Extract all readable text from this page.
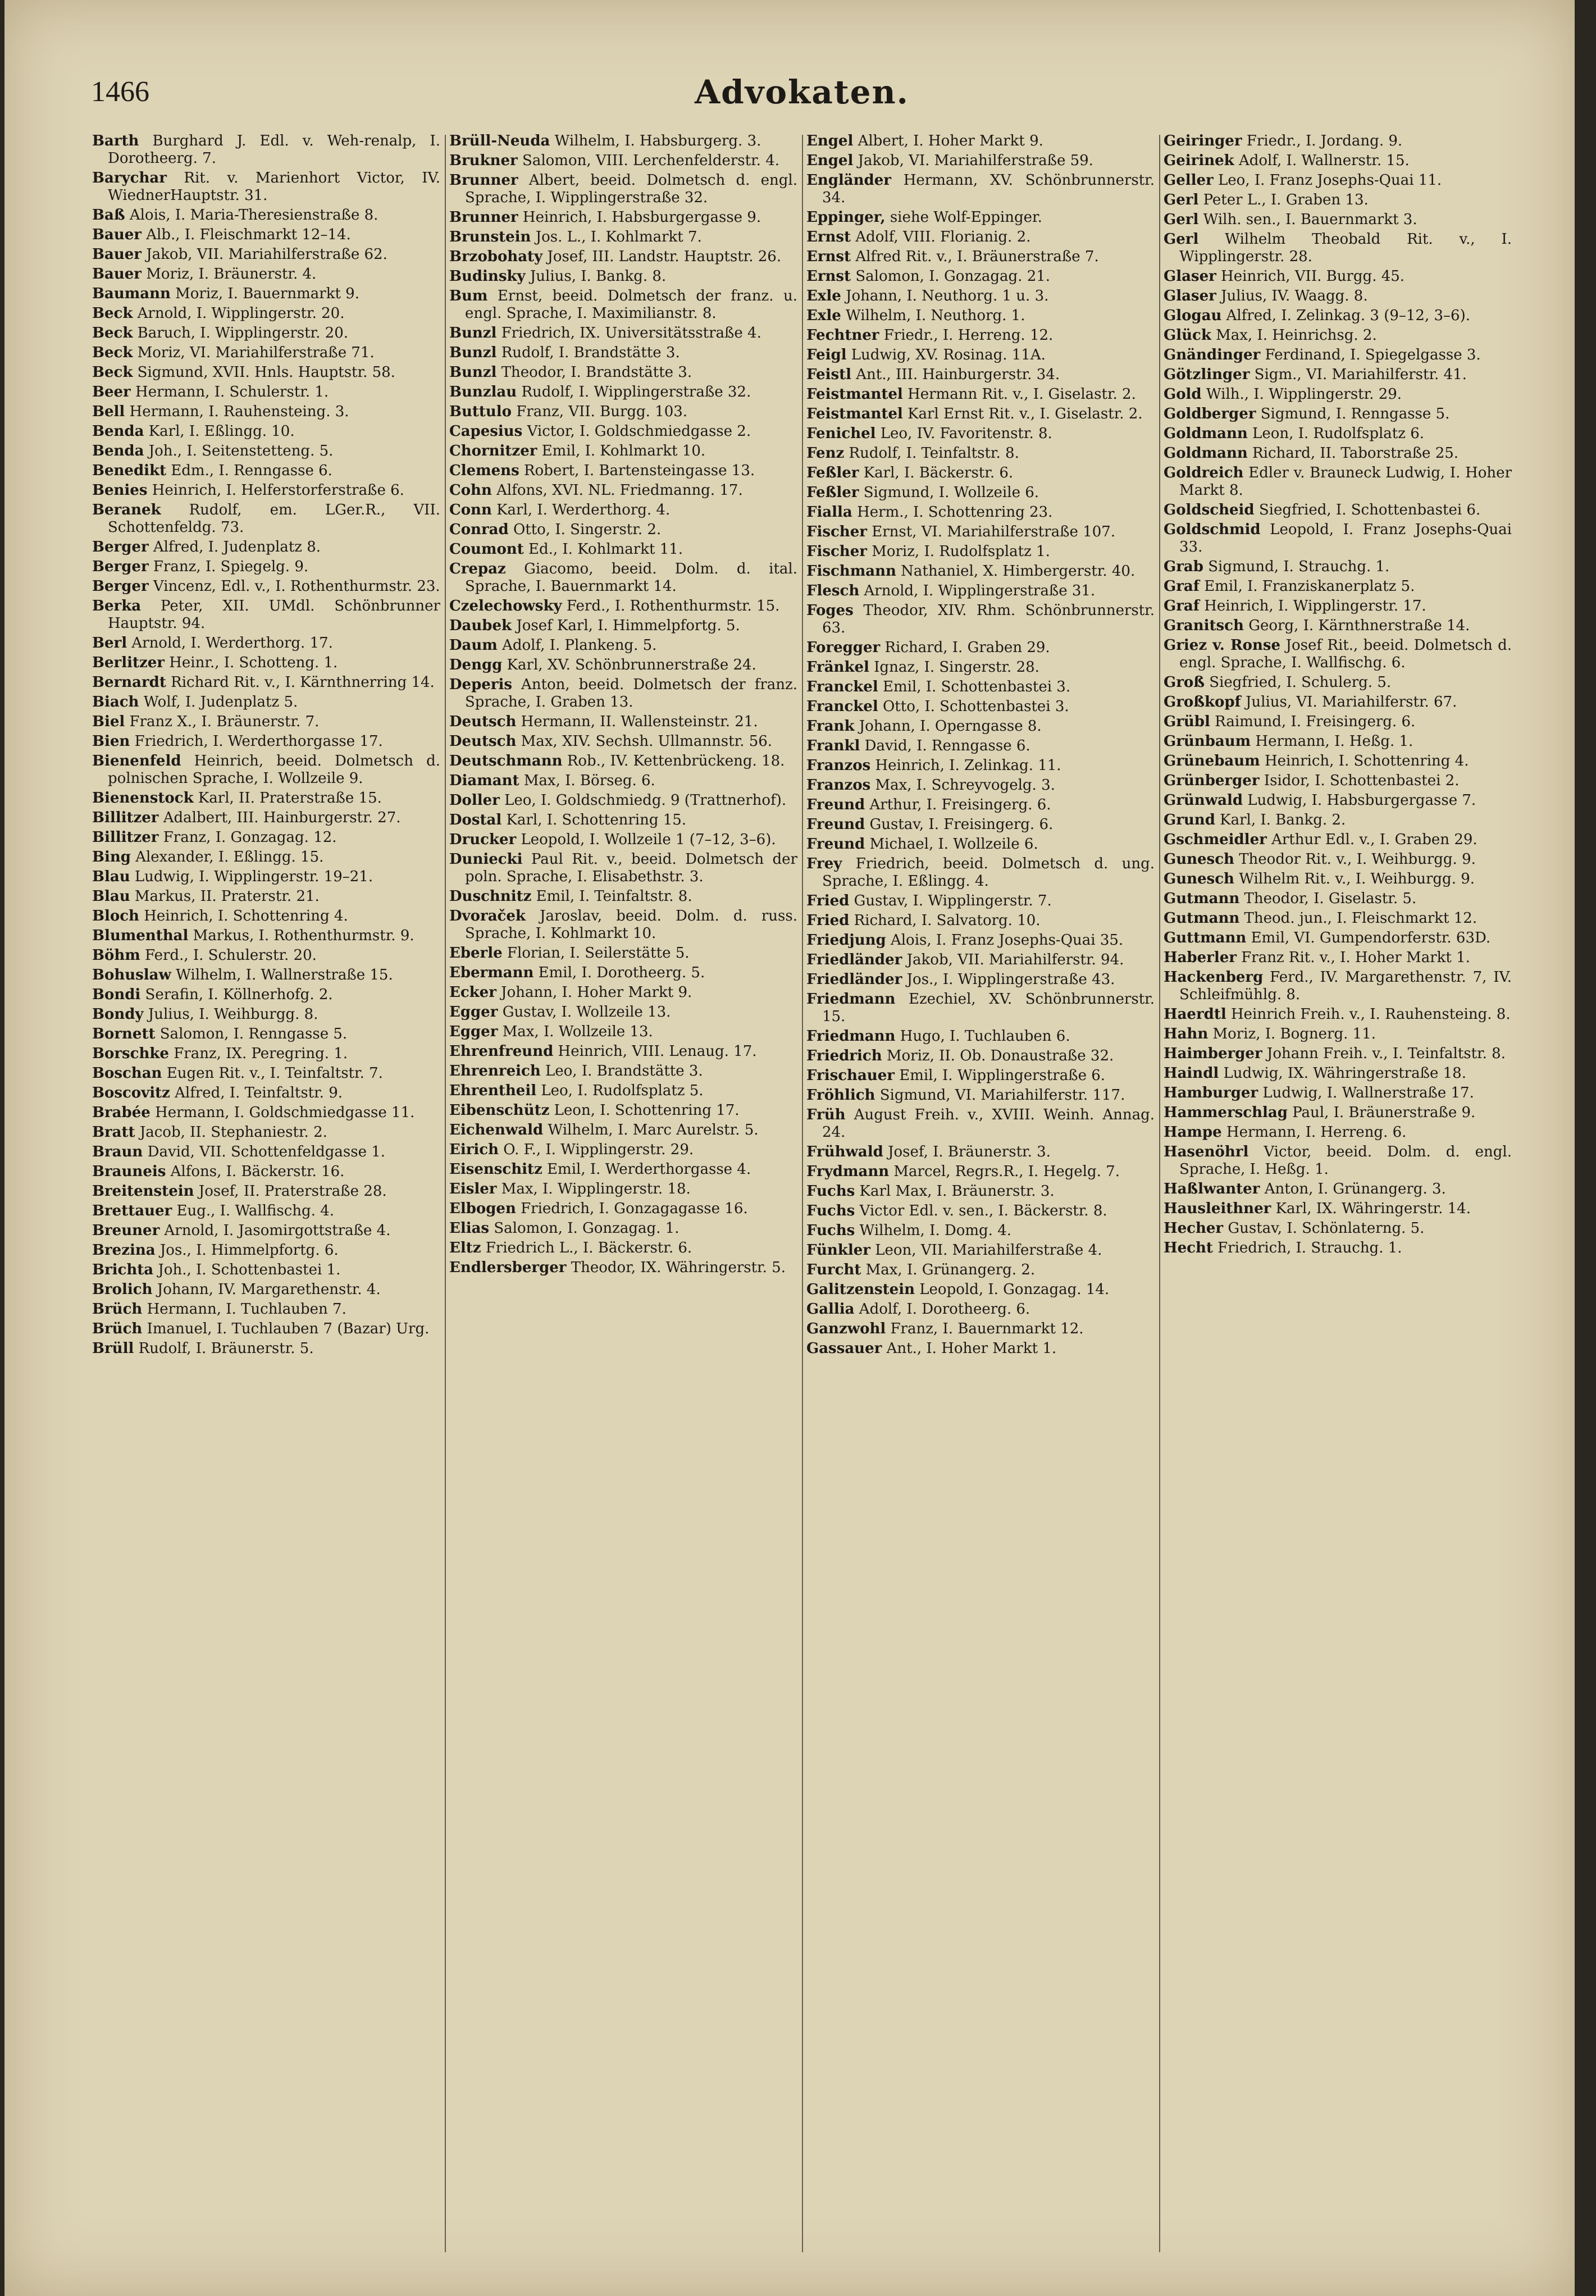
1466	Advokaten.

Barth Burghard J. Edl. v. Weh-renalp, I. Dorotheerg. 7.

Barychar Rit. v. Marienhort Victor, IV. WiednerHauptstr. 31.

Baß Alois, I. Maria-Theresienstraße 8.

Bauer Alb., I. Fleischmarkt 12–14.

Bauer Jakob, VII. Mariahilferstraße 62.

Bauer Moriz, I. Bräunerstr. 4.

Baumann Moriz, I. Bauernmarkt 9.

Beck Arnold, I. Wipplingerstr. 20.

Beck Baruch, I. Wipplingerstr. 20.

Beck Moriz, VI. Mariahilferstraße 71.

Beck Sigmund, XVII. Hnls. Hauptstr. 58.

Beer Hermann, I. Schulerstr. 1.

Bell Hermann, I. Rauhensteing. 3.

Benda Karl, I. Eßlingg. 10.

Benda Joh., I. Seitenstetteng. 5.

Benedikt Edm., I. Renngasse 6.

Benies Heinrich, I. Helferstorferstraße 6.

Beranek Rudolf, em. LGer.R., VII. Schottenfeldg. 73.

Berger Alfred, I. Judenplatz 8.

Berger Franz, I. Spiegelg. 9.

Berger Vincenz, Edl. v., I. Rothenthurmstr. 23.

Berka Peter, XII. UMdl. Schönbrunner Hauptstr. 94.

Berl Arnold, I. Werderthorg. 17.

Berlitzer Heinr., I. Schotteng. 1.

Bernardt Richard Rit. v., I. Kärnthnerring 14.

Biach Wolf, I. Judenplatz 5.

Biel Franz X., I. Bräunerstr. 7.

Bien Friedrich, I. Werderthorgasse 17.

Bienenfeld Heinrich, beeid. Dolmetsch d. polnischen Sprache, I. Wollzeile 9.

Bienenstock Karl, II. Praterstraße 15.

Billitzer Adalbert, III. Hainburgerstr. 27.

Billitzer Franz, I. Gonzagag. 12.

Bing Alexander, I. Eßlingg. 15.

Blau Ludwig, I. Wipplingerstr. 19–21.

Blau Markus, II. Praterstr. 21.

Bloch Heinrich, I. Schottenring 4.

Blumenthal Markus, I. Rothenthurmstr. 9.

Böhm Ferd., I. Schulerstr. 20.

Bohuslaw Wilhelm, I. Wallnerstraße 15.

Bondi Serafin, I. Köllnerhofg. 2.

Bondy Julius, I. Weihburgg. 8.

Bornett Salomon, I. Renngasse 5.

Borschke Franz, IX. Peregring. 1.

Boschan Eugen Rit. v., I. Teinfaltstr. 7.

Boscovitz Alfred, I. Teinfaltstr. 9.

Brabée Hermann, I. Goldschmiedgasse 11.

Bratt Jacob, II. Stephaniestr. 2.

Braun David, VII. Schottenfeldgasse 1.

Brauneis Alfons, I. Bäckerstr. 16.

Breitenstein Josef, II. Praterstraße 28.

Brettauer Eug., I. Wallfischg. 4.

Breuner Arnold, I. Jasomirgottstraße 4.

Brezina Jos., I. Himmelpfortg. 6.

Brichta Joh., I. Schottenbastei 1.

Brolich Johann, IV. Margarethenstr. 4.

Brüch Hermann, I. Tuchlauben 7.

Brüch Imanuel, I. Tuchlauben 7 (Bazar) Urg.

Brüll Rudolf, I. Bräunerstr. 5.

Brüll-Neuda Wilhelm, I. Habsburgerg. 3.

Brukner Salomon, VIII. Lerchenfelderstr. 4.

Brunner Albert, beeid. Dolmetsch d. engl. Sprache, I. Wipplingerstraße 32.

Brunner Heinrich, I. Habsburgergasse 9.

Brunstein Jos. L., I. Kohlmarkt 7.

Brzobohaty Josef, III. Landstr. Hauptstr. 26.

Budinsky Julius, I. Bankg. 8.

Bum Ernst, beeid. Dolmetsch der franz. u. engl. Sprache, I. Maximilianstr. 8.

Bunzl Friedrich, IX. Universitätsstraße 4.

Bunzl Rudolf, I. Brandstätte 3.

Bunzl Theodor, I. Brandstätte 3.

Bunzlau Rudolf, I. Wipplingerstraße 32.

Buttulo Franz, VII. Burgg. 103.

Capesius Victor, I. Goldschmiedgasse 2.

Chornitzer Emil, I. Kohlmarkt 10.

Clemens Robert, I. Bartensteingasse 13.

Cohn Alfons, XVI. NL. Friedmanng. 17.

Conn Karl, I. Werderthorg. 4.

Conrad Otto, I. Singerstr. 2.

Coumont Ed., I. Kohlmarkt 11.

Crepaz Giacomo, beeid. Dolm. d. ital. Sprache, I. Bauernmarkt 14.

Czelechowsky Ferd., I. Rothenthurmstr. 15.

Daubek Josef Karl, I. Himmelpfortg. 5.

Daum Adolf, I. Plankeng. 5.

Dengg Karl, XV. Schönbrunnerstraße 24.

Deperis Anton, beeid. Dolmetsch der franz. Sprache, I. Graben 13.

Deutsch Hermann, II. Wallensteinstr. 21.

Deutsch Max, XIV. Sechsh. Ullmannstr. 56.

Deutschmann Rob., IV. Kettenbrückeng. 18.

Diamant Max, I. Börseg. 6.

Doller Leo, I. Goldschmiedg. 9 (Trattnerhof).

Dostal Karl, I. Schottenring 15.

Drucker Leopold, I. Wollzeile 1 (7–12, 3–6).

Duniecki Paul Rit. v., beeid. Dolmetsch der poln. Sprache, I. Elisabethstr. 3.

Duschnitz Emil, I. Teinfaltstr. 8.

Dvoraček Jaroslav, beeid. Dolm. d. russ. Sprache, I. Kohlmarkt 10.

Eberle Florian, I. Seilerstätte 5.

Ebermann Emil, I. Dorotheerg. 5.

Ecker Johann, I. Hoher Markt 9.

Egger Gustav, I. Wollzeile 13.

Egger Max, I. Wollzeile 13.

Ehrenfreund Heinrich, VIII. Lenaug. 17.

Ehrenreich Leo, I. Brandstätte 3.

Ehrentheil Leo, I. Rudolfsplatz 5.

Eibenschütz Leon, I. Schottenring 17.

Eichenwald Wilhelm, I. Marc Aurelstr. 5.

Eirich O. F., I. Wipplingerstr. 29.

Eisenschitz Emil, I. Werderthorgasse 4.

Eisler Max, I. Wipplingerstr. 18.

Elbogen Friedrich, I. Gonzagagasse 16.

Elias Salomon, I. Gonzagag. 1.

Eltz Friedrich L., I. Bäckerstr. 6.

Endlersberger Theodor, IX. Währingerstr. 5.

Engel Albert, I. Hoher Markt 9.

Engel Jakob, VI. Mariahilferstraße 59.

Engländer Hermann, XV. Schönbrunnerstr. 34.

Eppinger, siehe Wolf-Eppinger.

Ernst Adolf, VIII. Florianig. 2.

Ernst Alfred Rit. v., I. Bräunerstraße 7.

Ernst Salomon, I. Gonzagag. 21.

Exle Johann, I. Neuthorg. 1 u. 3.

Exle Wilhelm, I. Neuthorg. 1.

Fechtner Friedr., I. Herreng. 12.

Feigl Ludwig, XV. Rosinag. 11A.

Feistl Ant., III. Hainburgerstr. 34.

Feistmantel Hermann Rit. v., I. Giselastr. 2.

Feistmantel Karl Ernst Rit. v., I. Giselastr. 2.

Fenichel Leo, IV. Favoritenstr. 8.

Fenz Rudolf, I. Teinfaltstr. 8.

Feßler Karl, I. Bäckerstr. 6.

Feßler Sigmund, I. Wollzeile 6.

Fialla Herm., I. Schottenring 23.

Fischer Ernst, VI. Mariahilferstraße 107.

Fischer Moriz, I. Rudolfsplatz 1.

Fischmann Nathaniel, X. Himbergerstr. 40.

Flesch Arnold, I. Wipplingerstraße 31.

Foges Theodor, XIV. Rhm. Schönbrunnerstr. 63.

Foregger Richard, I. Graben 29.

Fränkel Ignaz, I. Singerstr. 28.

Franckel Emil, I. Schottenbastei 3.

Franckel Otto, I. Schottenbastei 3.

Frank Johann, I. Operngasse 8.

Frankl David, I. Renngasse 6.

Franzos Heinrich, I. Zelinkag. 11.

Franzos Max, I. Schreyvogelg. 3.

Freund Arthur, I. Freisingerg. 6.

Freund Gustav, I. Freisingerg. 6.

Freund Michael, I. Wollzeile 6.

Frey Friedrich, beeid. Dolmetsch d. ung. Sprache, I. Eßlingg. 4.

Fried Gustav, I. Wipplingerstr. 7.

Fried Richard, I. Salvatorg. 10.

Friedjung Alois, I. Franz Josephs-Quai 35.

Friedländer Jakob, VII. Mariahilferstr. 94.

Friedländer Jos., I. Wipplingerstraße 43.

Friedmann Ezechiel, XV. Schönbrunnerstr. 15.

Friedmann Hugo, I. Tuchlauben 6.

Friedrich Moriz, II. Ob. Donaustraße 32.

Frischauer Emil, I. Wipplingerstraße 6.

Fröhlich Sigmund, VI. Mariahilferstr. 117.

Früh August Freih. v., XVIII. Weinh. Annag. 24.

Frühwald Josef, I. Bräunerstr. 3.

Frydmann Marcel, Regrs.R., I. Hegelg. 7.

Fuchs Karl Max, I. Bräunerstr. 3.

Fuchs Victor Edl. v. sen., I. Bäckerstr. 8.

Fuchs Wilhelm, I. Domg. 4.

Fünkler Leon, VII. Mariahilferstraße 4.

Furcht Max, I. Grünangerg. 2.

Galitzenstein Leopold, I. Gonzagag. 14.

Gallia Adolf, I. Dorotheerg. 6.

Ganzwohl Franz, I. Bauernmarkt 12.

Gassauer Ant., I. Hoher Markt 1.

Geiringer Friedr., I. Jordang. 9.

Geirinek Adolf, I. Wallnerstr. 15.

Geller Leo, I. Franz Josephs-Quai 11.

Gerl Peter L., I. Graben 13.

Gerl Wilh. sen., I. Bauernmarkt 3.

Gerl Wilhelm Theobald Rit. v., I. Wipplingerstr. 28.

Glaser Heinrich, VII. Burgg. 45.

Glaser Julius, IV. Waagg. 8.

Glogau Alfred, I. Zelinkag. 3 (9–12, 3–6).

Glück Max, I. Heinrichsg. 2.

Gnändinger Ferdinand, I. Spiegelgasse 3.

Götzlinger Sigm., VI. Mariahilferstr. 41.

Gold Wilh., I. Wipplingerstr. 29.

Goldberger Sigmund, I. Renngasse 5.

Goldmann Leon, I. Rudolfsplatz 6.

Goldmann Richard, II. Taborstraße 25.

Goldreich Edler v. Brauneck Ludwig, I. Hoher Markt 8.

Goldscheid Siegfried, I. Schottenbastei 6.

Goldschmid Leopold, I. Franz Josephs-Quai 33.

Grab Sigmund, I. Strauchg. 1.

Graf Emil, I. Franziskanerplatz 5.

Graf Heinrich, I. Wipplingerstr. 17.

Granitsch Georg, I. Kärnthnerstraße 14.

Griez v. Ronse Josef Rit., beeid. Dolmetsch d. engl. Sprache, I. Wallfischg. 6.

Groß Siegfried, I. Schulerg. 5.

Großkopf Julius, VI. Mariahilferstr. 67.

Grübl Raimund, I. Freisingerg. 6.

Grünbaum Hermann, I. Heßg. 1.

Grünebaum Heinrich, I. Schottenring 4.

Grünberger Isidor, I. Schottenbastei 2.

Grünwald Ludwig, I. Habsburgergasse 7.

Grund Karl, I. Bankg. 2.

Gschmeidler Arthur Edl. v., I. Graben 29.

Gunesch Theodor Rit. v., I. Weihburgg. 9.

Gunesch Wilhelm Rit. v., I. Weihburgg. 9.

Gutmann Theodor, I. Giselastr. 5.

Gutmann Theod. jun., I. Fleischmarkt 12.

Guttmann Emil, VI. Gumpendorferstr. 63D.

Haberler Franz Rit. v., I. Hoher Markt 1.

Hackenberg Ferd., IV. Margarethenstr. 7, IV. Schleifmühlg. 8.

Haerdtl Heinrich Freih. v., I. Rauhensteing. 8.

Hahn Moriz, I. Bognerg. 11.

Haimberger Johann Freih. v., I. Teinfaltstr. 8.

Haindl Ludwig, IX. Währingerstraße 18.

Hamburger Ludwig, I. Wallnerstraße 17.

Hammerschlag Paul, I. Bräunerstraße 9.

Hampe Hermann, I. Herreng. 6.

Hasenöhrl Victor, beeid. Dolm. d. engl. Sprache, I. Heßg. 1.

Haßlwanter Anton, I. Grünangerg. 3.

Hausleithner Karl, IX. Währingerstr. 14.

Hecher Gustav, I. Schönlaterng. 5.

Hecht Friedrich, I. Strauchg. 1.
